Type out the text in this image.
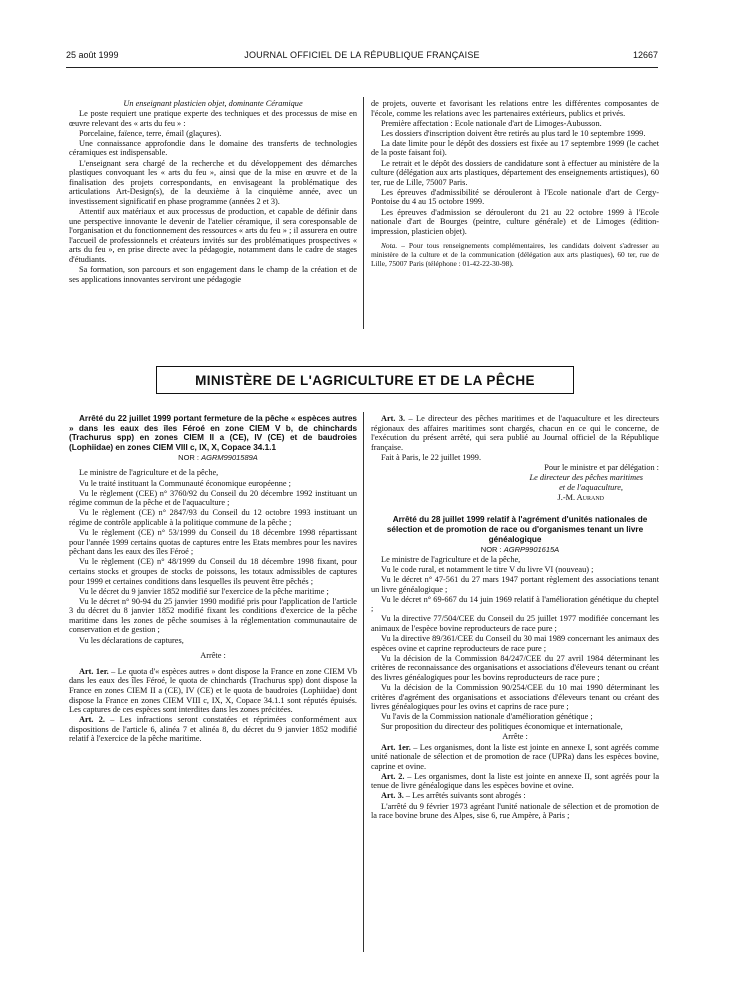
25 août 1999	JOURNAL OFFICIEL DE LA RÉPUBLIQUE FRANÇAISE	12667

Un enseignant plasticien objet, dominante Céramique

Le poste requiert une pratique experte des techniques et des processus de mise en œuvre relevant des « arts du feu » :

Porcelaine, faïence, terre, émail (glaçures).

Une connaissance approfondie dans le domaine des transferts de technologies céramiques est indispensable.

L'enseignant sera chargé de la recherche et du développement des démarches plastiques convoquant les « arts du feu », ainsi que de la mise en œuvre et de la finalisation des projets correspondants, en envisageant la problématique des articulations Art-Design(s), de la deuxième à la cinquième année, avec un investissement significatif en phase programme (années 2 et 3).

Attentif aux matériaux et aux processus de production, et capable de définir dans une perspective innovante le devenir de l'atelier céramique, il sera coresponsable de l'organisation et du fonctionnement des ressources « arts du feu » ; il assurera en outre l'accueil de professionnels et créateurs invités sur des problématiques prospectives « arts du feu », en prise directe avec la pédagogie, notamment dans le cadre de stages d'étudiants.

Sa formation, son parcours et son engagement dans le champ de la création et de ses applications innovantes serviront une pédagogie

de projets, ouverte et favorisant les relations entre les différentes composantes de l'école, comme les relations avec les partenaires extérieurs, publics et privés.

Première affectation : Ecole nationale d'art de Limoges-Aubusson.

Les dossiers d'inscription doivent être retirés au plus tard le 10 septembre 1999.

La date limite pour le dépôt des dossiers est fixée au 17 septembre 1999 (le cachet de la poste faisant foi).

Le retrait et le dépôt des dossiers de candidature sont à effectuer au ministère de la culture (délégation aux arts plastiques, département des enseignements artistiques), 60 ter, rue de Lille, 75007 Paris.

Les épreuves d'admissibilité se dérouleront à l'Ecole nationale d'art de Cergy-Pontoise du 4 au 15 octobre 1999.

Les épreuves d'admission se dérouleront du 21 au 22 octobre 1999 à l'Ecole nationale d'art de Bourges (peintre, culture générale) et de Limoges (édition-impression, plasticien objet).

Nota. – Pour tous renseignements complémentaires, les candidats doivent s'adresser au ministère de la culture et de la communication (délégation aux arts plastiques), 60 ter, rue de Lille, 75007 Paris (téléphone : 01-42-22-30-98).

MINISTÈRE DE L'AGRICULTURE ET DE LA PÊCHE

Arrêté du 22 juillet 1999 portant fermeture de la pêche « espèces autres » dans les eaux des îles Féroé en zone CIEM V b, de chinchards (Trachurus spp) en zones CIEM II a (CE), IV (CE) et de baudroies (Lophiidae) en zones CIEM VIII c, IX, X, Copace 34.1.1

NOR : AGRM9901589A

Le ministre de l'agriculture et de la pêche,

Vu le traité instituant la Communauté économique européenne ;

Vu le règlement (CEE) n° 3760/92 du Conseil du 20 décembre 1992 instituant un régime commun de la pêche et de l'aquaculture ;

Vu le règlement (CE) n° 2847/93 du Conseil du 12 octobre 1993 instituant un régime de contrôle applicable à la politique commune de la pêche ;

Vu le règlement (CE) n° 53/1999 du Conseil du 18 décembre 1998 répartissant pour l'année 1999 certains quotas de captures entre les Etats membres pour les navires pêchant dans les eaux des îles Féroé ;

Vu le règlement (CE) n° 48/1999 du Conseil du 18 décembre 1998 fixant, pour certains stocks et groupes de stocks de poissons, les totaux admissibles de captures pour 1999 et certaines conditions dans lesquelles ils peuvent être pêchés ;

Vu le décret du 9 janvier 1852 modifié sur l'exercice de la pêche maritime ;

Vu le décret n° 90-94 du 25 janvier 1990 modifié pris pour l'application de l'article 3 du décret du 8 janvier 1852 modifié fixant les conditions d'exercice de la pêche maritime dans les zones de pêche soumises à la réglementation communautaire de conservation et de gestion ;

Vu les déclarations de captures,

Arrête :

Art. 1er. – Le quota d'« espèces autres » dont dispose la France en zone CIEM Vb dans les eaux des îles Féroé, le quota de chinchards (Trachurus spp) dont dispose la France en zones CIEM II a (CE), IV (CE) et le quota de baudroies (Lophiidae) dont dispose la France en zones CIEM VIII c, IX, X, Copace 34.1.1 sont réputés épuisés. Les captures de ces espèces sont interdites dans les zones précitées.

Art. 2. – Les infractions seront constatées et réprimées conformément aux dispositions de l'article 6, alinéa 7 et alinéa 8, du décret du 9 janvier 1852 modifié relatif à l'exercice de la pêche maritime.

Art. 3. – Le directeur des pêches maritimes et de l'aquaculture et les directeurs régionaux des affaires maritimes sont chargés, chacun en ce qui le concerne, de l'exécution du présent arrêté, qui sera publié au Journal officiel de la République française.

Fait à Paris, le 22 juillet 1999.

Pour le ministre et par délégation :

Le directeur des pêches maritimes

et de l'aquaculture,

J.-M. Aurand

Arrêté du 28 juillet 1999 relatif à l'agrément d'unités nationales de sélection et de promotion de race ou d'organismes tenant un livre généalogique

NOR : AGRP9901615A

Le ministre de l'agriculture et de la pêche,

Vu le code rural, et notamment le titre V du livre VI (nouveau) ;

Vu le décret n° 47-561 du 27 mars 1947 portant règlement des associations tenant un livre généalogique ;

Vu le décret n° 69-667 du 14 juin 1969 relatif à l'amélioration génétique du cheptel ;

Vu la directive 77/504/CEE du Conseil du 25 juillet 1977 modifiée concernant les animaux de l'espèce bovine reproducteurs de race pure ;

Vu la directive 89/361/CEE du Conseil du 30 mai 1989 concernant les animaux des espèces ovine et caprine reproducteurs de race pure ;

Vu la décision de la Commission 84/247/CEE du 27 avril 1984 déterminant les critères de reconnaissance des organisations et associations d'éleveurs tenant ou créant des livres généalogiques pour les bovins reproducteurs de race pure ;

Vu la décision de la Commission 90/254/CEE du 10 mai 1990 déterminant les critères d'agrément des organisations et associations d'éleveurs tenant ou créant des livres généalogiques pour les ovins et caprins de race pure ;

Vu l'avis de la Commission nationale d'amélioration génétique ;

Sur proposition du directeur des politiques économique et internationale,

Arrête :

Art. 1er. – Les organismes, dont la liste est jointe en annexe I, sont agréés comme unité nationale de sélection et de promotion de race (UPRa) dans les espèces bovine, caprine et ovine.

Art. 2. – Les organismes, dont la liste est jointe en annexe II, sont agréés pour la tenue de livre généalogique dans les espèces bovine et ovine.

Art. 3. – Les arrêtés suivants sont abrogés :

L'arrêté du 9 février 1973 agréant l'unité nationale de sélection et de promotion de la race bovine brune des Alpes, sise 6, rue Ampère, à Paris ;
